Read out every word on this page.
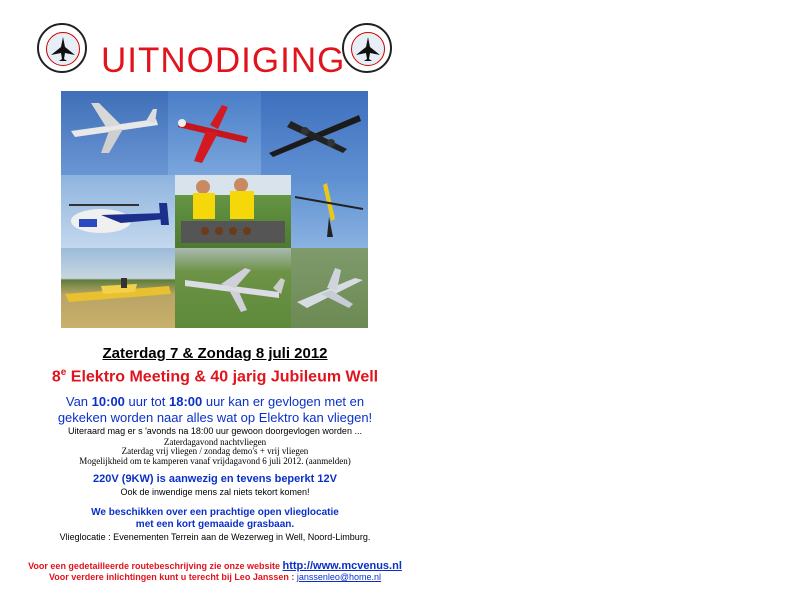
UITNODIGING
Zaterdag 7 & Zondag 8 juli 2012
8e Elektro Meeting & 40 jarig Jubileum Well
Van 10:00 uur tot 18:00 uur kan er gevlogen met en
gekeken worden naar alles wat op Elektro kan vliegen!
Uiteraard mag er s 'avonds na 18:00 uur gewoon doorgevlogen worden ...
Zaterdagavond nachtvliegen
Zaterdag vrij vliegen / zondag demo's + vrij vliegen
Mogelijkheid om te kamperen vanaf vrijdagavond 6 juli 2012. (aanmelden)
220V (9KW) is aanwezig en tevens beperkt 12V
Ook de inwendige mens zal niets tekort komen!
We beschikken over een prachtige open vlieglocatie
met een kort gemaaide grasbaan.
Vlieglocatie : Evenementen Terrein aan de Wezerweg in Well, Noord-Limburg.
Voor een gedetailleerde routebeschrijving zie onze website http://www.mcvenus.nl
Voor verdere inlichtingen kunt u terecht bij Leo Janssen : janssenleo@home.nl
